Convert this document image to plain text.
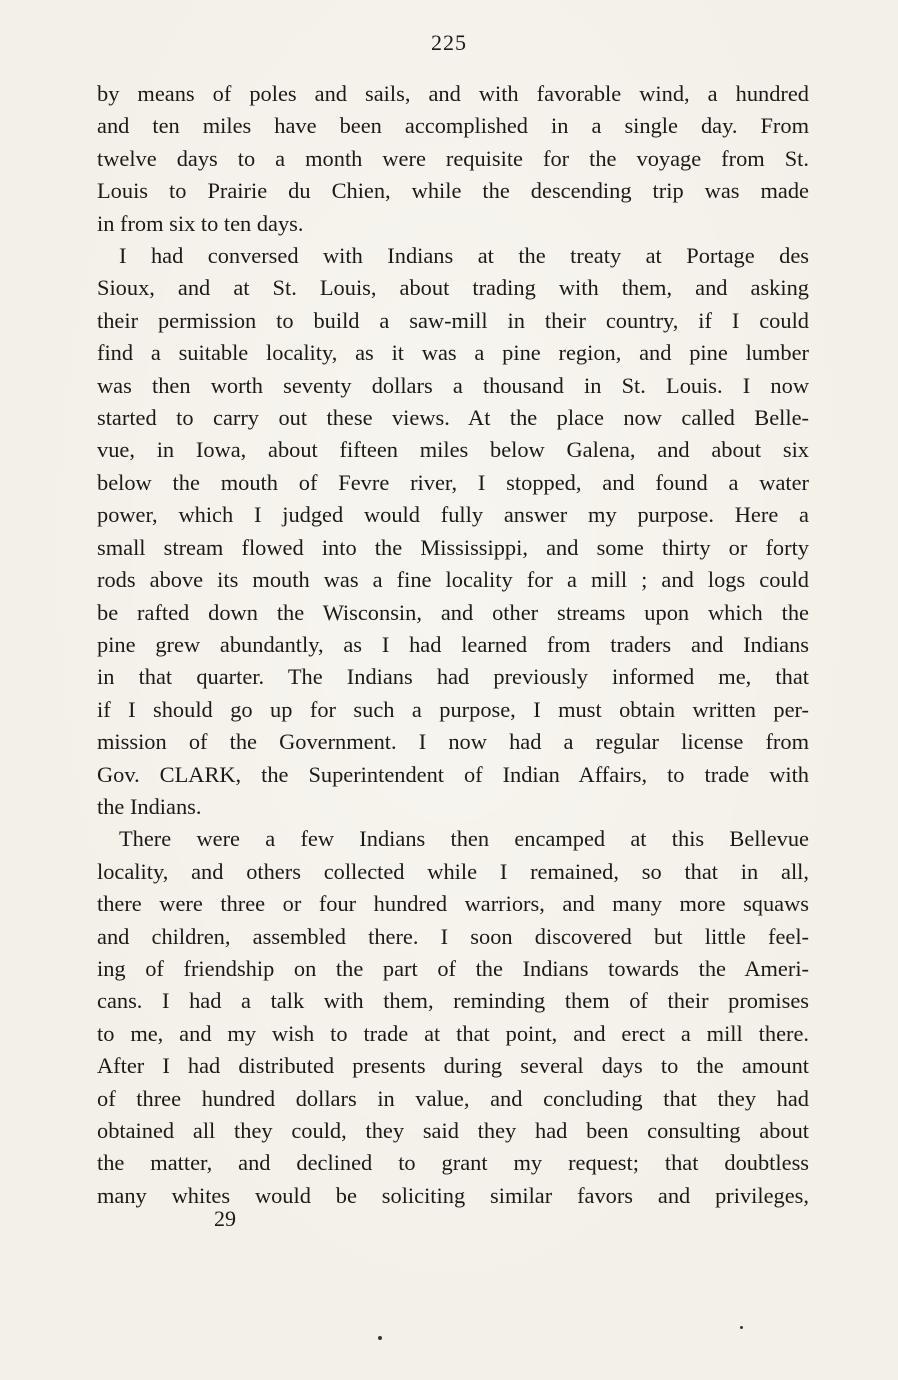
225

by means of poles and sails, and with favorable wind, a hundred
and ten miles have been accomplished in a single day. From
twelve days to a month were requisite for the voyage from St.
Louis to Prairie du Chien, while the descending trip was made
in from six to ten days.

I had conversed with Indians at the treaty at Portage des
Sioux, and at St. Louis, about trading with them, and asking
their permission to build a saw-mill in their country, if I could
find a suitable locality, as it was a pine region, and pine lumber
was then worth seventy dollars a thousand in St. Louis. I now
started to carry out these views. At the place now called Belle-
vue, in Iowa, about fifteen miles below Galena, and about six
below the mouth of Fevre river, I stopped, and found a water
power, which I judged would fully answer my purpose. Here a
small stream flowed into the Mississippi, and some thirty or forty
rods above its mouth was a fine locality for a mill ; and logs could
be rafted down the Wisconsin, and other streams upon which the
pine grew abundantly, as I had learned from traders and Indians
in that quarter. The Indians had previously informed me, that
if I should go up for such a purpose, I must obtain written per-
mission of the Government. I now had a regular license from
Gov. CLARK, the Superintendent of Indian Affairs, to trade with
the Indians.

There were a few Indians then encamped at this Bellevue
locality, and others collected while I remained, so that in all,
there were three or four hundred warriors, and many more squaws
and children, assembled there. I soon discovered but little feel-
ing of friendship on the part of the Indians towards the Ameri-
cans. I had a talk with them, reminding them of their promises
to me, and my wish to trade at that point, and erect a mill there.
After I had distributed presents during several days to the amount
of three hundred dollars in value, and concluding that they had
obtained all they could, they said they had been consulting about
the matter, and declined to grant my request; that doubtless
many whites would be soliciting similar favors and privileges,

29
